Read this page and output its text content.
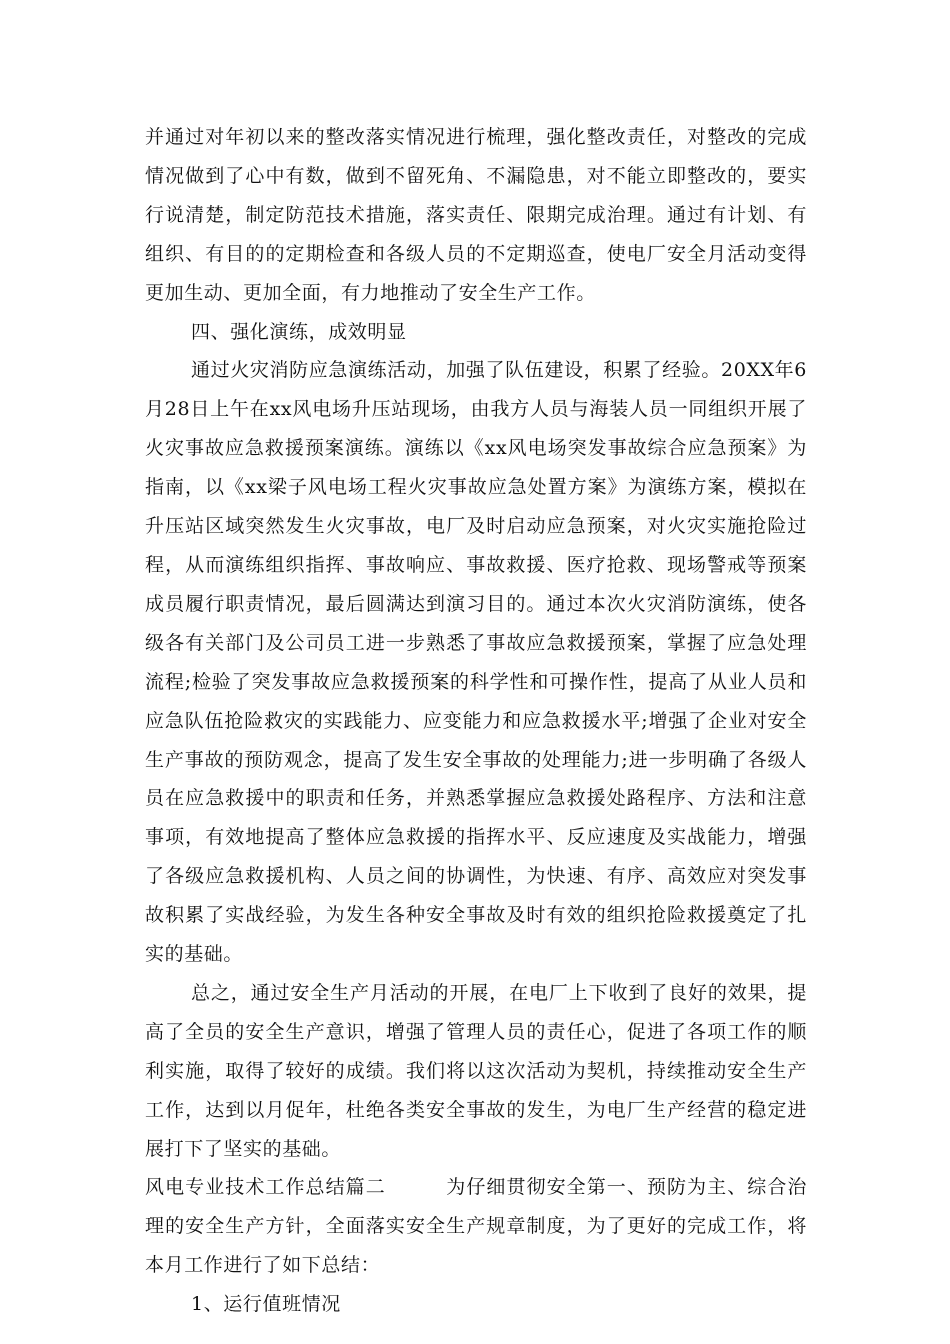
并通过对年初以来的整改落实情况进行梳理，强化整改责任，对整改的完成情况做到了心中有数，做到不留死角、不漏隐患，对不能立即整改的，要实行说清楚，制定防范技术措施，落实责任、限期完成治理。通过有计划、有组织、有目的的定期检查和各级人员的不定期巡查，使电厂安全月活动变得更加生动、更加全面，有力地推动了安全生产工作。

四、强化演练，成效明显

通过火灾消防应急演练活动，加强了队伍建设，积累了经验。20XX年6月28日上午在xx风电场升压站现场，由我方人员与海装人员一同组织开展了火灾事故应急救援预案演练。演练以《xx风电场突发事故综合应急预案》为指南，以《xx梁子风电场工程火灾事故应急处置方案》为演练方案，模拟在升压站区域突然发生火灾事故，电厂及时启动应急预案，对火灾实施抢险过程，从而演练组织指挥、事故响应、事故救援、医疗抢救、现场警戒等预案成员履行职责情况，最后圆满达到演习目的。通过本次火灾消防演练，使各级各有关部门及公司员工进一步熟悉了事故应急救援预案，掌握了应急处理流程;检验了突发事故应急救援预案的科学性和可操作性，提高了从业人员和应急队伍抢险救灾的实践能力、应变能力和应急救援水平;增强了企业对安全生产事故的预防观念，提高了发生安全事故的处理能力;进一步明确了各级人员在应急救援中的职责和任务，并熟悉掌握应急救援处路程序、方法和注意事项，有效地提高了整体应急救援的指挥水平、反应速度及实战能力，增强了各级应急救援机构、人员之间的协调性，为快速、有序、高效应对突发事故积累了实战经验，为发生各种安全事故及时有效的组织抢险救援奠定了扎实的基础。

总之，通过安全生产月活动的开展，在电厂上下收到了良好的效果，提高了全员的安全生产意识，增强了管理人员的责任心，促进了各项工作的顺利实施，取得了较好的成绩。我们将以这次活动为契机，持续推动安全生产工作，达到以月促年，杜绝各类安全事故的发生，为电厂生产经营的稳定进展打下了坚实的基础。

风电专业技术工作总结篇二	为仔细贯彻安全第一、预防为主、综合治理的安全生产方针，全面落实安全生产规章制度，为了更好的完成工作，将本月工作进行了如下总结：

1、运行值班情况
